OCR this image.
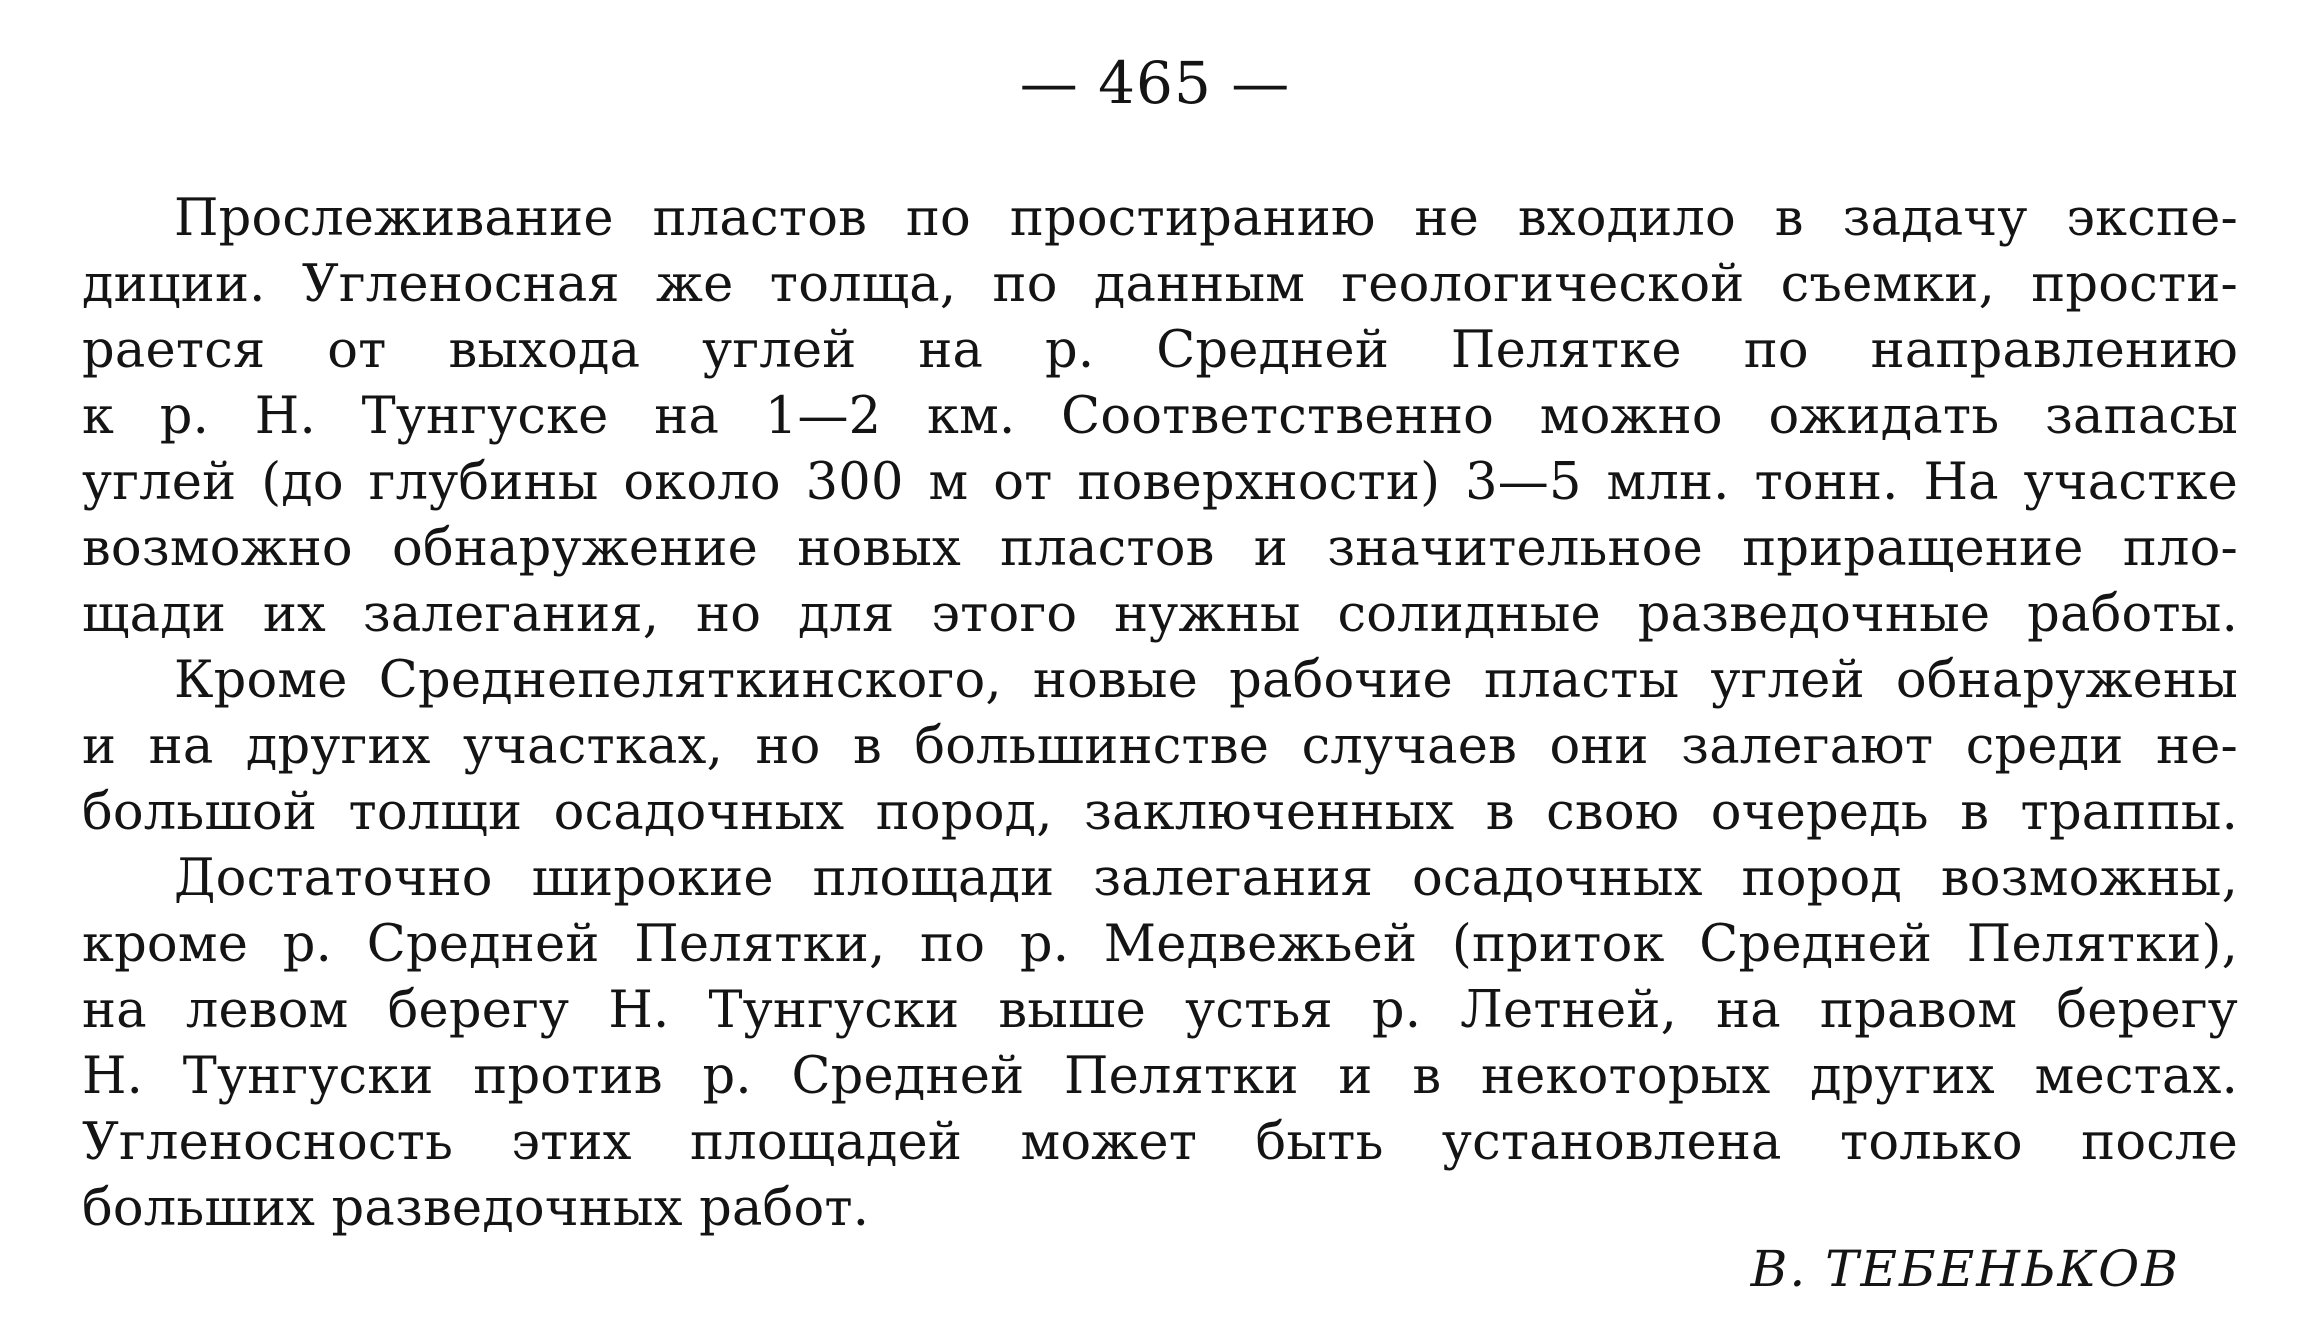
— 465 —
Прослеживание пластов по простиранию не входило в задачу экспе-
диции. Угленосная же толща, по данным геологической съемки, прости-
рается от выхода углей на р. Средней Пелятке по направлению
к р. Н. Тунгуске на 1—2 км. Соответственно можно ожидать запасы
углей (до глубины около 300 м от поверхности) 3—5 млн. тонн. На участке
возможно обнаружение новых пластов и значительное приращение пло-
щади их залегания, но для этого нужны солидные разведочные работы.
Кроме Среднепеляткинского, новые рабочие пласты углей обнаружены
и на других участках, но в большинстве случаев они залегают среди не-
большой толщи осадочных пород, заключенных в свою очередь в траппы.
Достаточно широкие площади залегания осадочных пород возможны,
кроме р. Средней Пелятки, по р. Медвежьей (приток Средней Пелятки),
на левом берегу Н. Тунгуски выше устья р. Летней, на правом берегу
Н. Тунгуски против р. Средней Пелятки и в некоторых других местах.
Угленосность этих площадей может быть установлена только после
больших разведочных работ.
В. ТЕБЕНЬКОВ
